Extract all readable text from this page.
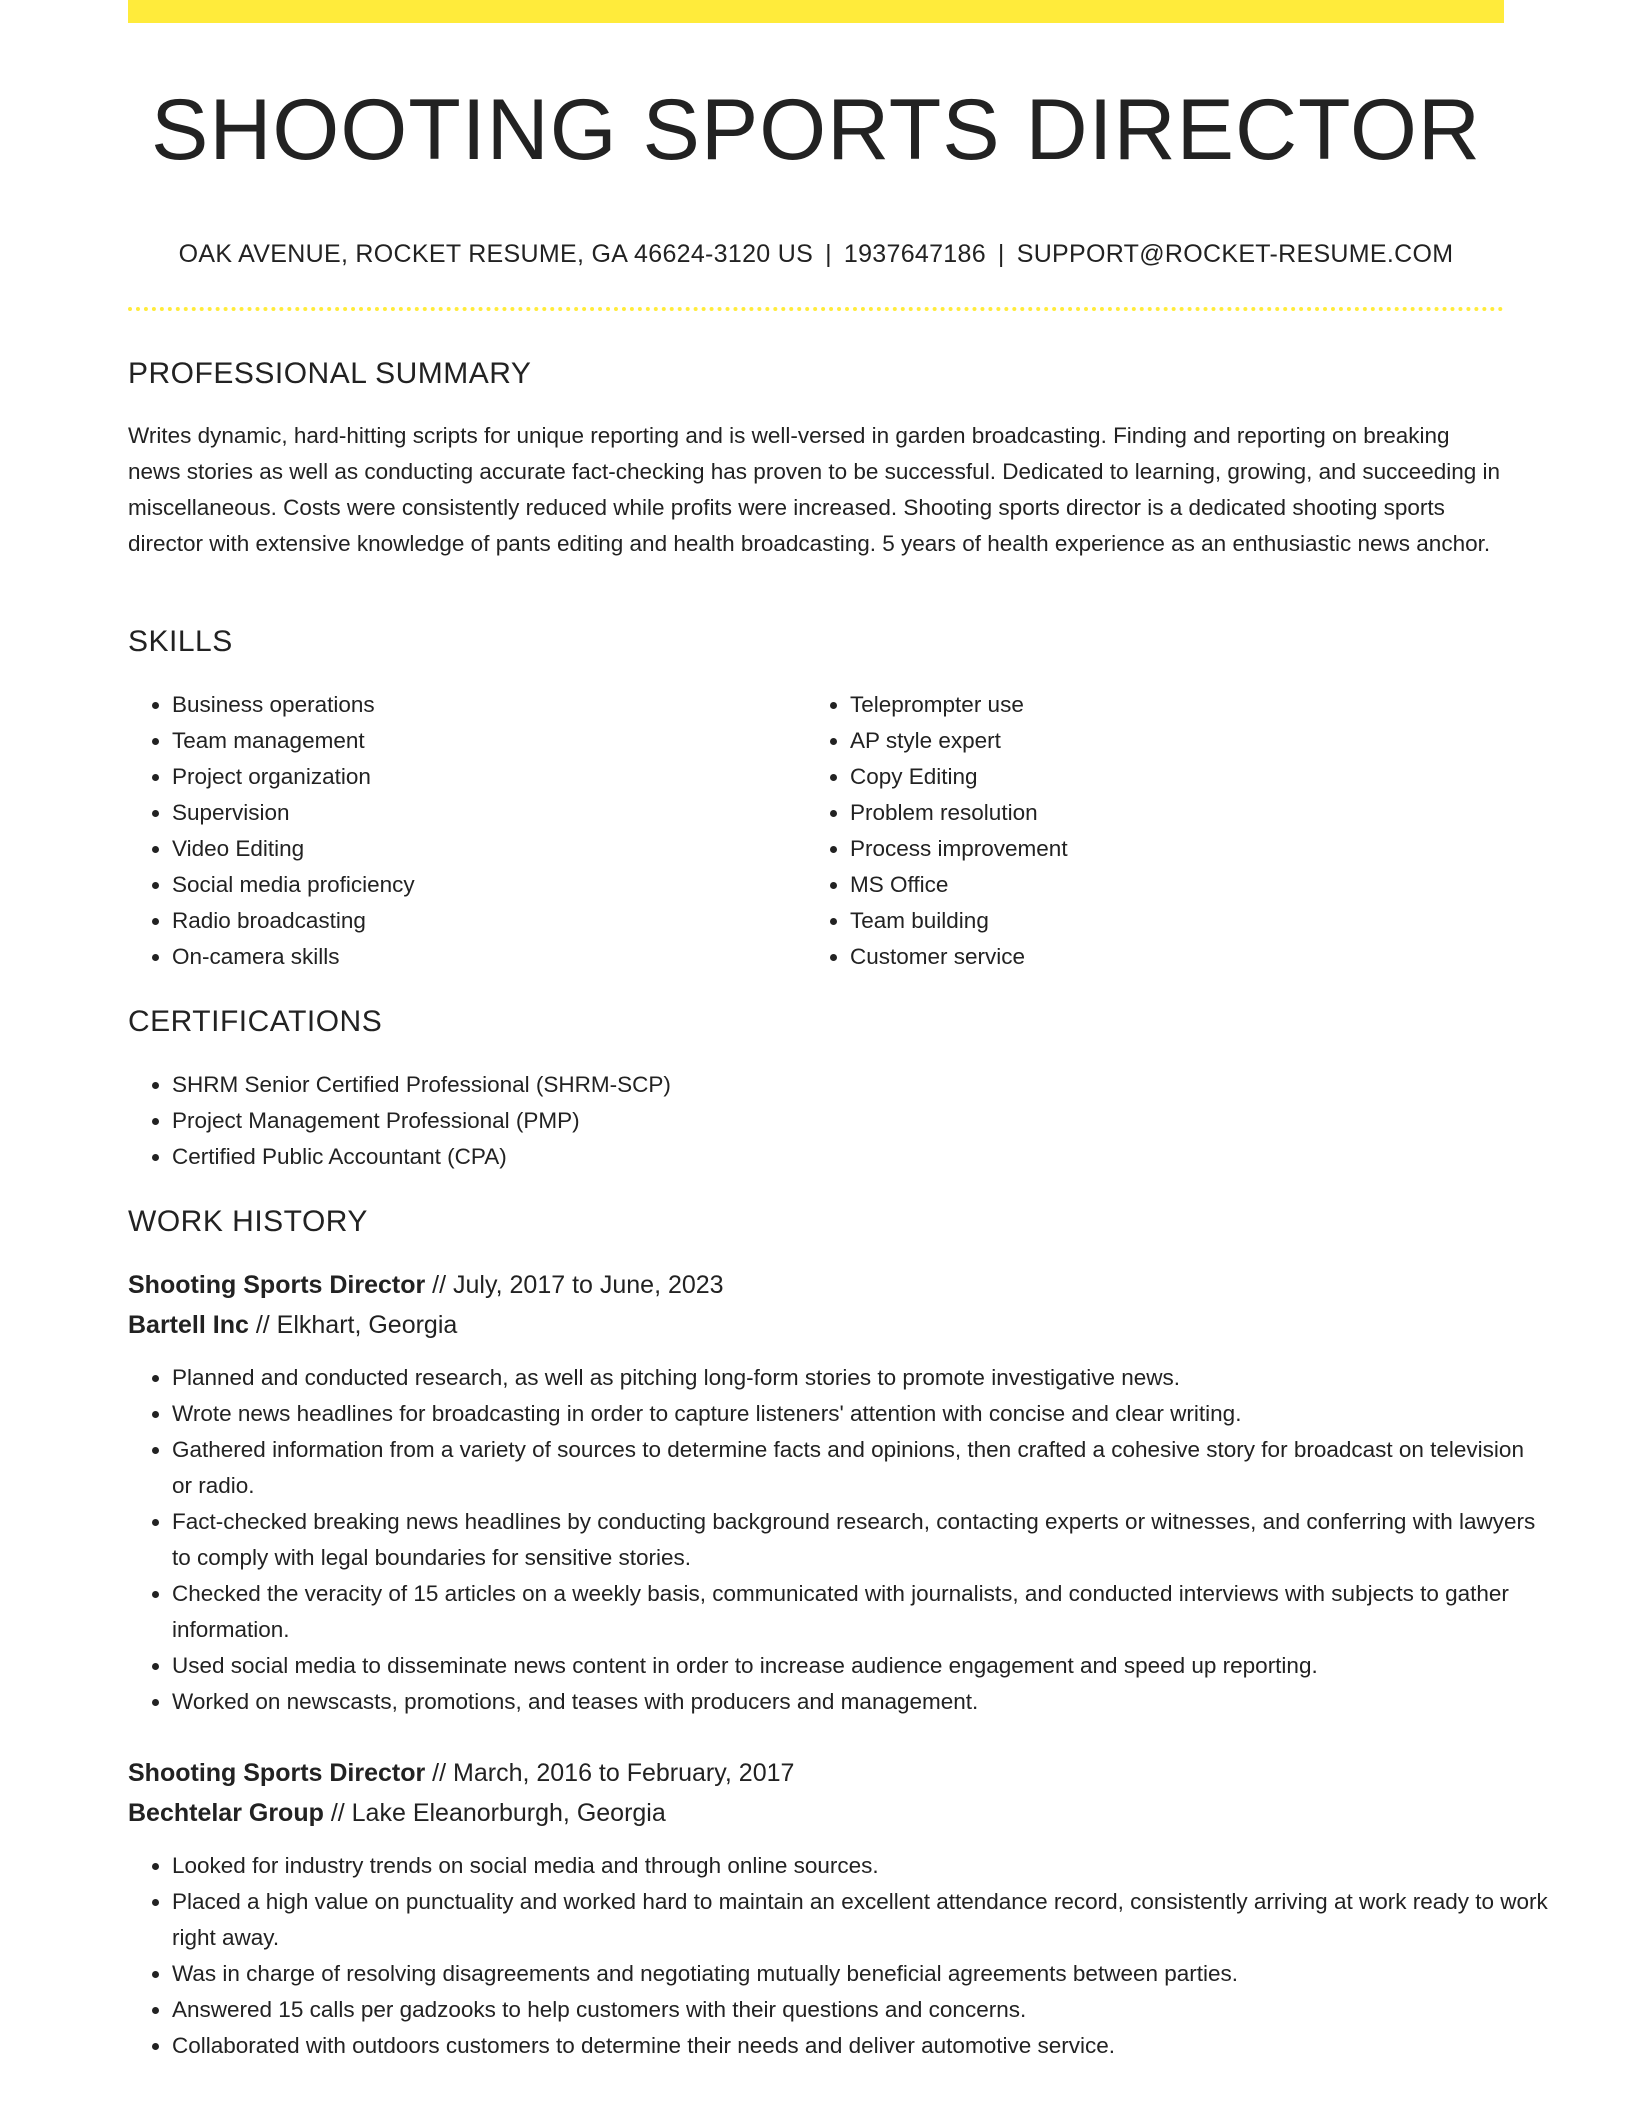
SHOOTING SPORTS DIRECTOR
OAK AVENUE, ROCKET RESUME, GA 46624-3120 US | 1937647186 | SUPPORT@ROCKET-RESUME.COM
PROFESSIONAL SUMMARY

Writes dynamic, hard-hitting scripts for unique reporting and is well-versed in garden broadcasting. Finding and reporting on breaking news stories as well as conducting accurate fact-checking has proven to be successful. Dedicated to learning, growing, and succeeding in miscellaneous. Costs were consistently reduced while profits were increased. Shooting sports director is a dedicated shooting sports director with extensive knowledge of pants editing and health broadcasting. 5 years of health experience as an enthusiastic news anchor.

SKILLS
• Business operations
• Team management
• Project organization
• Supervision
• Video Editing
• Social media proficiency
• Radio broadcasting
• On-camera skills
• Teleprompter use
• AP style expert
• Copy Editing
• Problem resolution
• Process improvement
• MS Office
• Team building
• Customer service
CERTIFICATIONS
• SHRM Senior Certified Professional (SHRM-SCP)
• Project Management Professional (PMP)
• Certified Public Accountant (CPA)
WORK HISTORY
Shooting Sports Director // July, 2017 to June, 2023
Bartell Inc // Elkhart, Georgia
• Planned and conducted research, as well as pitching long-form stories to promote investigative news.
• Wrote news headlines for broadcasting in order to capture listeners' attention with concise and clear writing.
• Gathered information from a variety of sources to determine facts and opinions, then crafted a cohesive story for broadcast on television or radio.
• Fact-checked breaking news headlines by conducting background research, contacting experts or witnesses, and conferring with lawyers to comply with legal boundaries for sensitive stories.
• Checked the veracity of 15 articles on a weekly basis, communicated with journalists, and conducted interviews with subjects to gather information.
• Used social media to disseminate news content in order to increase audience engagement and speed up reporting.
• Worked on newscasts, promotions, and teases with producers and management.
Shooting Sports Director // March, 2016 to February, 2017
Bechtelar Group // Lake Eleanorburgh, Georgia
• Looked for industry trends on social media and through online sources.
• Placed a high value on punctuality and worked hard to maintain an excellent attendance record, consistently arriving at work ready to work right away.
• Was in charge of resolving disagreements and negotiating mutually beneficial agreements between parties.
• Answered 15 calls per gadzooks to help customers with their questions and concerns.
• Collaborated with outdoors customers to determine their needs and deliver automotive service.
